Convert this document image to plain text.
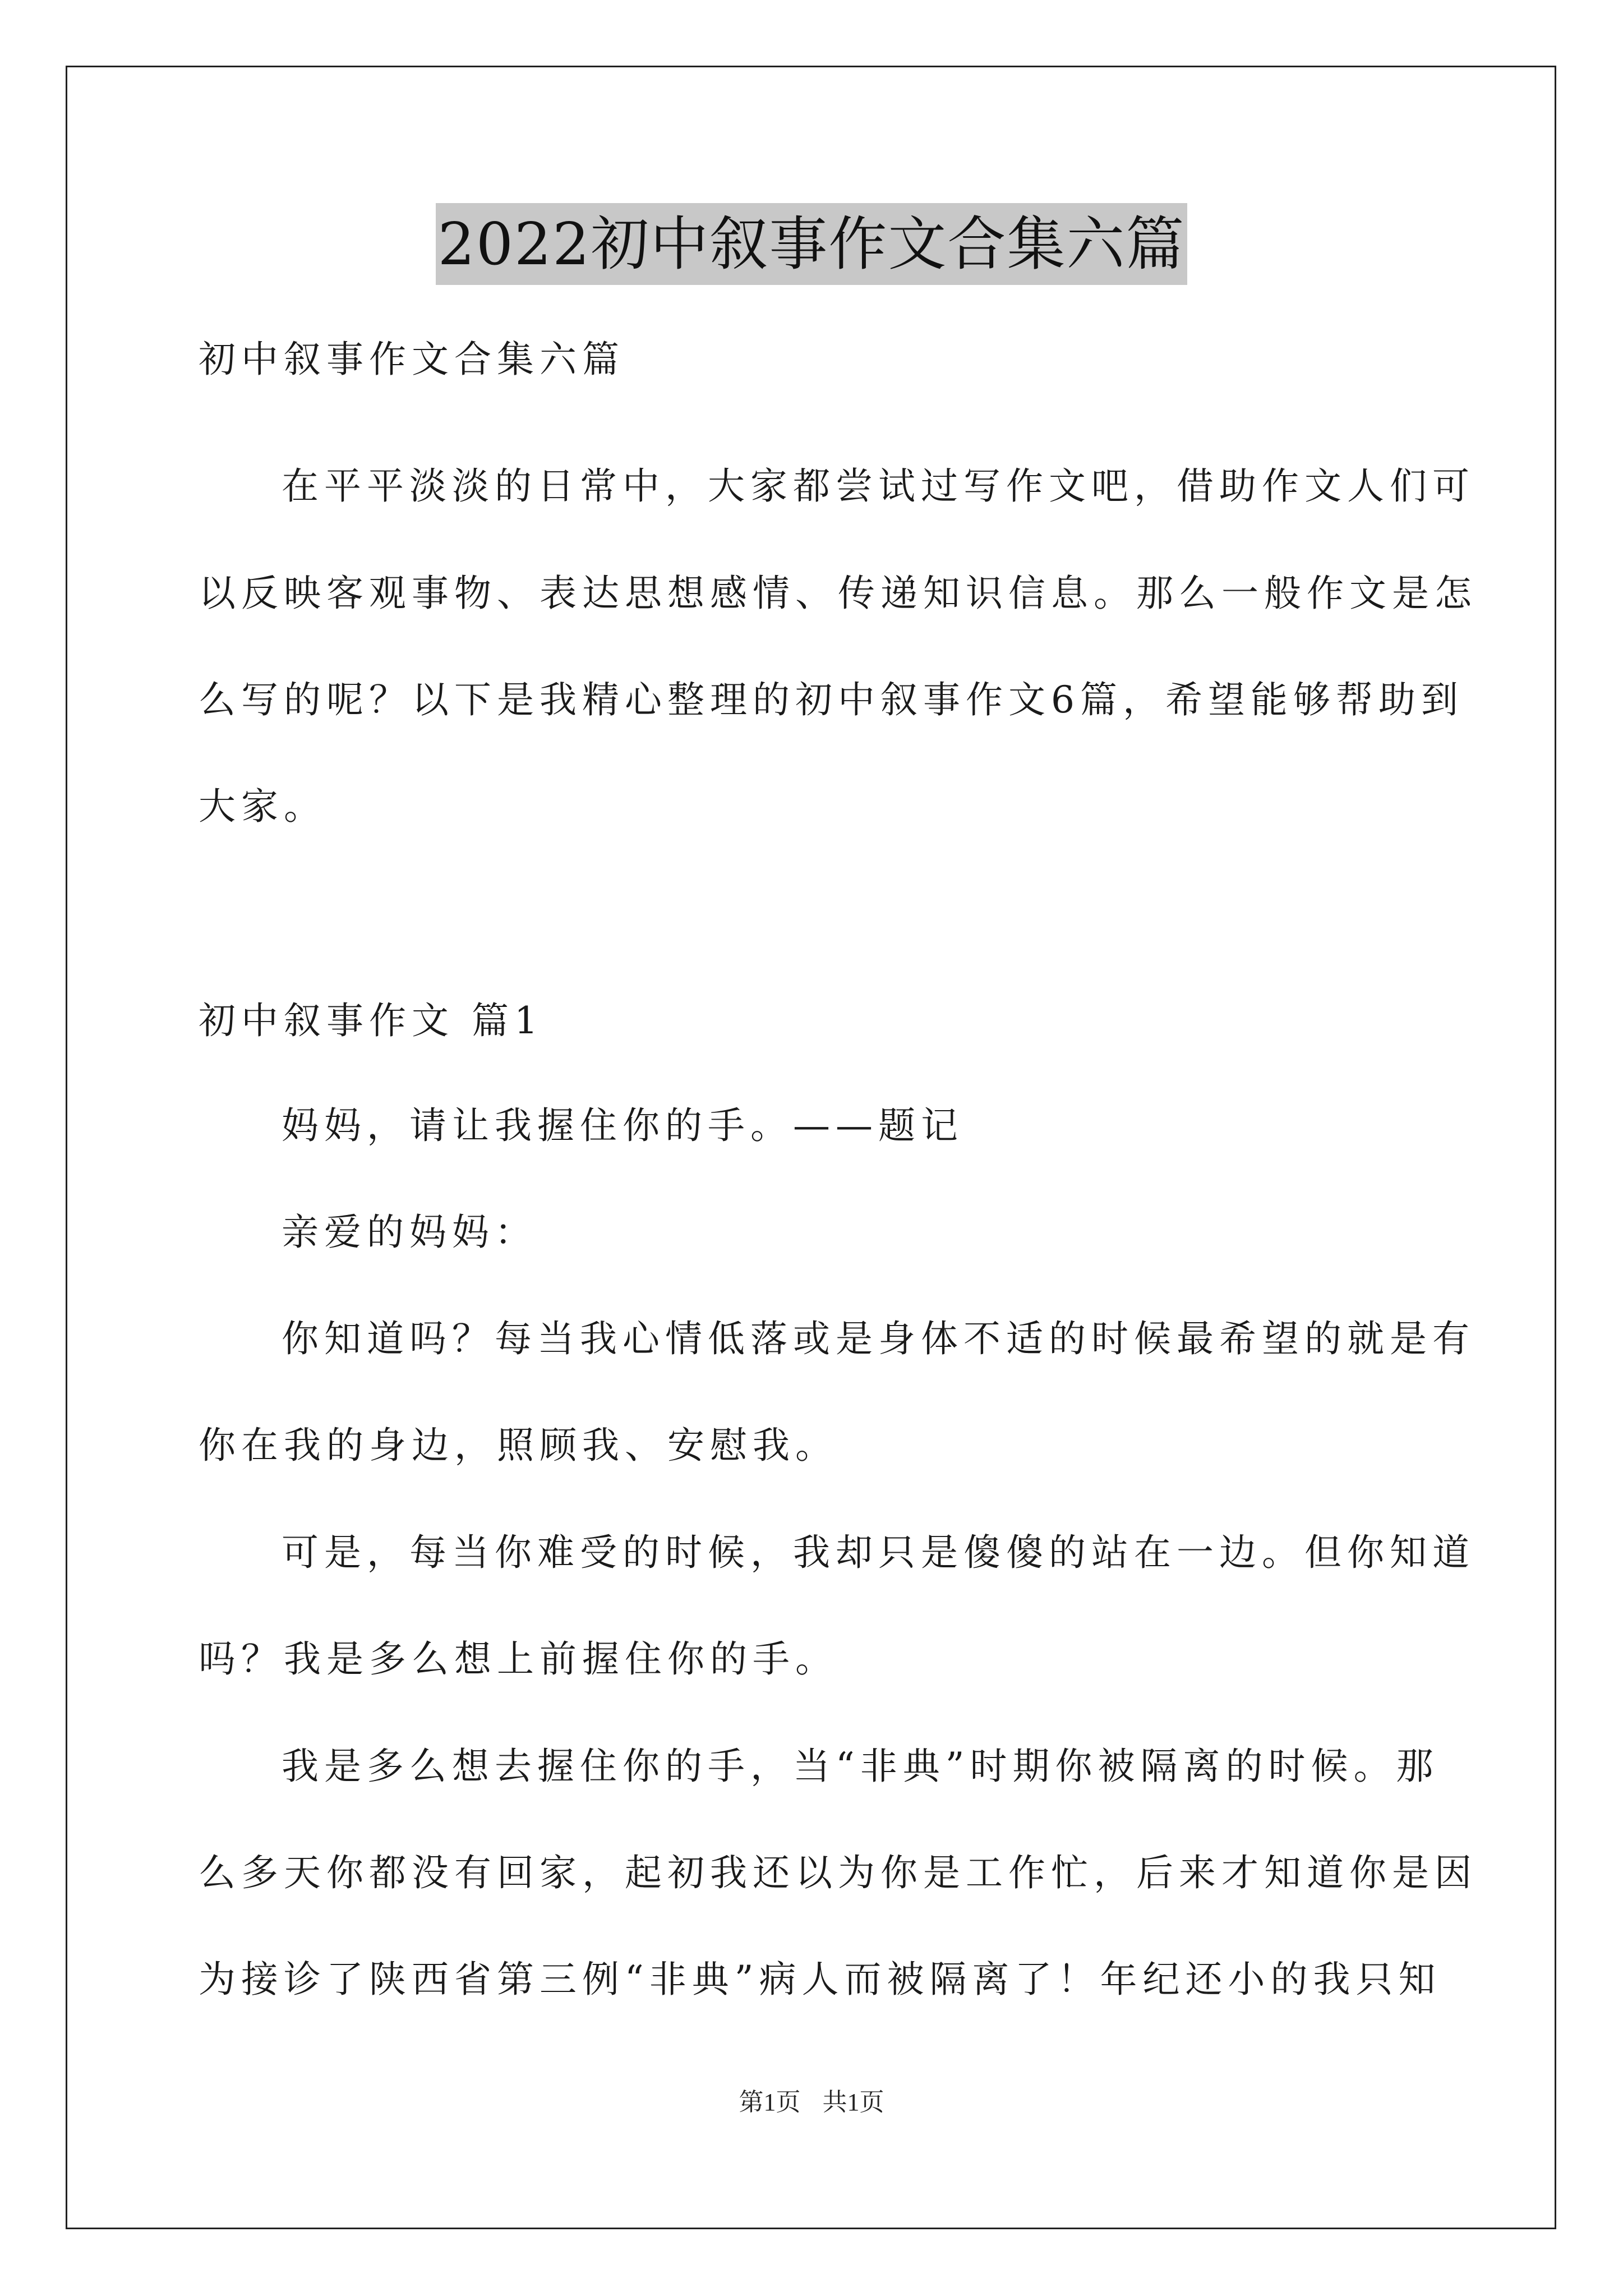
2022初中叙事作文合集六篇
初中叙事作文合集六篇
在平平淡淡的日常中，大家都尝试过写作文吧，借助作文人们可
以反映客观事物、表达思想感情、传递知识信息。那么一般作文是怎
么写的呢？以下是我精心整理的初中叙事作文6篇，希望能够帮助到
大家。
初中叙事作文 篇1
妈妈，请让我握住你的手。——题记
亲爱的妈妈：
你知道吗？每当我心情低落或是身体不适的时候最希望的就是有
你在我的身边，照顾我、安慰我。
可是，每当你难受的时候，我却只是傻傻的站在一边。但你知道
吗？我是多么想上前握住你的手。
我是多么想去握住你的手，当“非典”时期你被隔离的时候。那
么多天你都没有回家，起初我还以为你是工作忙，后来才知道你是因
为接诊了陕西省第三例“非典”病人而被隔离了！年纪还小的我只知
第1页 共1页
